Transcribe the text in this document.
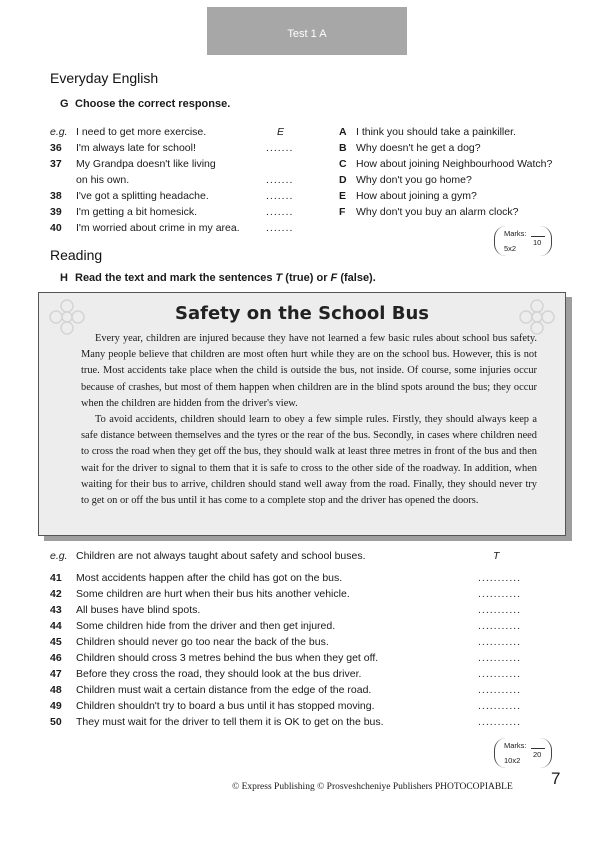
Test 1 A
Everyday English
G Choose the correct response.
e.g. I need to get more exercise.	E	A I think you should take a painkiller.
36	I'm always late for school!	.......	B Why doesn't he get a dog?
37	My Grandpa doesn't like living	C How about joining Neighbourhood Watch?
on his own.	.......	D Why don't you go home?
38	I've got a splitting headache.	.......	E How about joining a gym?
39	I'm getting a bit homesick.	.......	F Why don't you buy an alarm clock?
40	I'm worried about crime in my area.	.......	Marks:
5x2
10
Reading
H Read the text and mark the sentences T (true) or F (false).
Safety on the School Bus

Every year, children are injured because they have not learned a few basic rules about school bus safety. Many people believe that children are most often hurt while they are on the school bus. However, this is not true. Most accidents take place when the child is outside the bus, not inside. Of course, some injuries occur because of crashes, but most of them happen when children are in the blind spots around the bus; they occur when the children are hidden from the driver's view.

To avoid accidents, children should learn to obey a few simple rules. Firstly, they should always keep a safe distance between themselves and the tyres or the rear of the bus. Secondly, in cases where children need to cross the road when they get off the bus, they should walk at least three metres in front of the bus and then wait for the driver to signal to them that it is safe to cross to the other side of the roadway. In addition, when waiting for their bus to arrive, children should stand well away from the road. Finally, they should never try to get on or off the bus until it has come to a complete stop and the driver has opened the doors.

e.g. Children are not always taught about safety and school buses.	T
41	Most accidents happen after the child has got on the bus.	...........
42	Some children are hurt when their bus hits another vehicle.	...........
43	All buses have blind spots.	...........
44	Some children hide from the driver and then get injured.	...........
45	Children should never go too near the back of the bus.	...........
46	Children should cross 3 metres behind the bus when they get off.	...........
47	Before they cross the road, they should look at the bus driver.	...........
48	Children must wait a certain distance from the edge of the road.	...........
49	Children shouldn't try to board a bus until it has stopped moving.	...........
50	They must wait for the driver to tell them it is OK to get on the bus.	...........
Marks:
10x2
20
© Express Publishing © Prosveshcheniye Publishers PHOTOCOPIABLE 7
